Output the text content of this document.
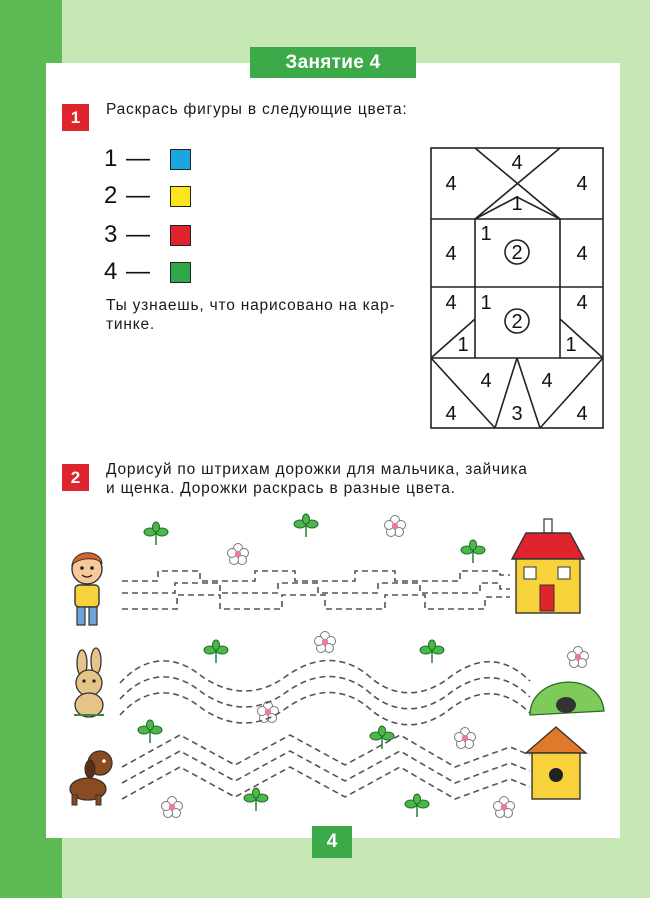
Занятие 4
1	Раскрась фигуры в следующие цвета:
1 —
2 —
3 —
4 —
Ты узнаешь, что нарисовано на кар-
тинке.
4
4	4
1
4	4
1
2
4	4
1
2
1	1
4 4
4	3	4
2	Дорисуй по штрихам дорожки для мальчика, зайчика
и щенка. Дорожки раскрась в разные цвета.
4
